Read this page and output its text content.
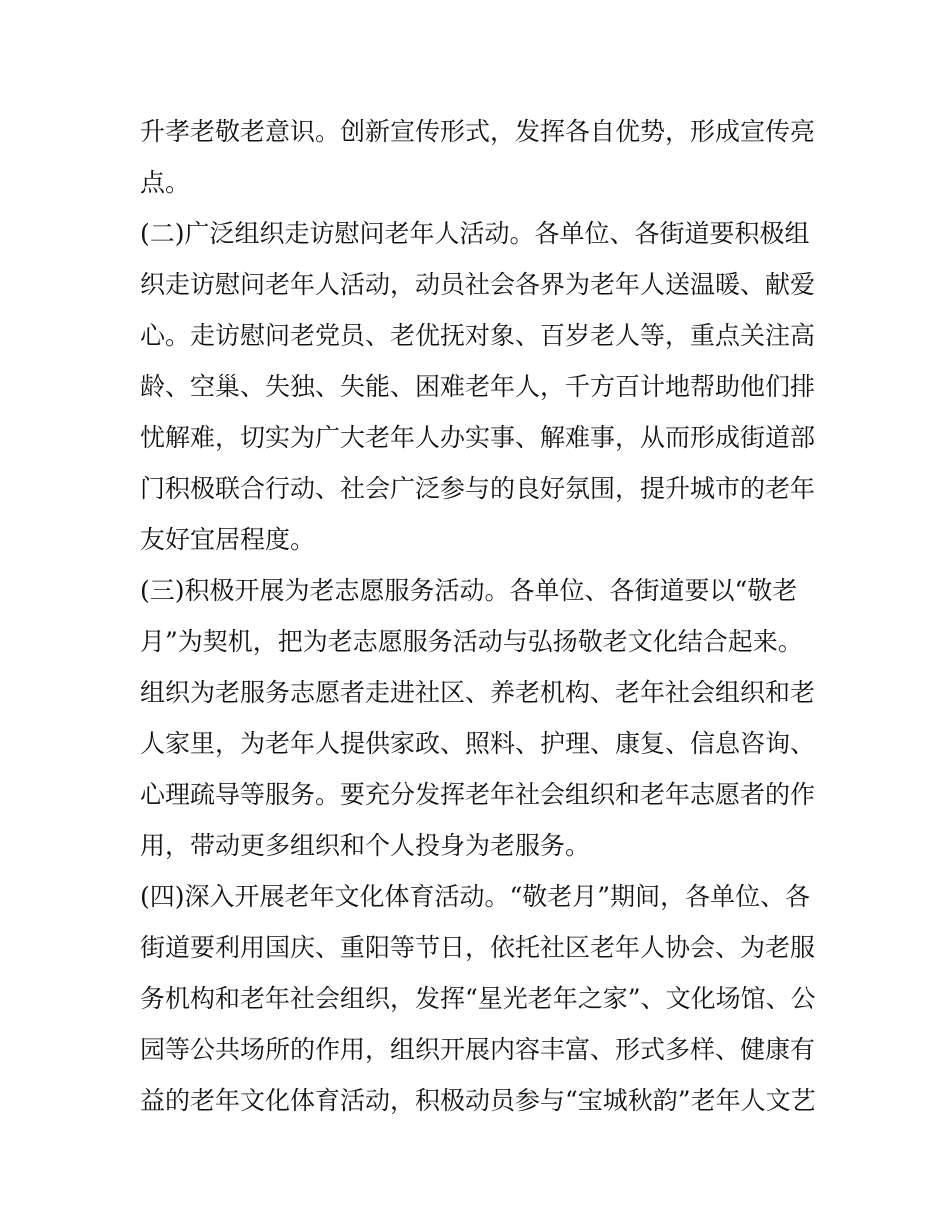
升孝老敬老意识。创新宣传形式，发挥各自优势，形成宣传亮
点。
(二)广泛组织走访慰问老年人活动。各单位、各街道要积极组
织走访慰问老年人活动，动员社会各界为老年人送温暖、献爱
心。走访慰问老党员、老优抚对象、百岁老人等，重点关注高
龄、空巢、失独、失能、困难老年人，千方百计地帮助他们排
忧解难，切实为广大老年人办实事、解难事，从而形成街道部
门积极联合行动、社会广泛参与的良好氛围，提升城市的老年
友好宜居程度。
(三)积极开展为老志愿服务活动。各单位、各街道要以“敬老
月”为契机，把为老志愿服务活动与弘扬敬老文化结合起来。
组织为老服务志愿者走进社区、养老机构、老年社会组织和老
人家里，为老年人提供家政、照料、护理、康复、信息咨询、
心理疏导等服务。要充分发挥老年社会组织和老年志愿者的作
用，带动更多组织和个人投身为老服务。
(四)深入开展老年文化体育活动。“敬老月”期间，各单位、各
街道要利用国庆、重阳等节日，依托社区老年人协会、为老服
务机构和老年社会组织，发挥“星光老年之家”、文化场馆、公
园等公共场所的作用，组织开展内容丰富、形式多样、健康有
益的老年文化体育活动，积极动员参与“宝城秋韵”老年人文艺
